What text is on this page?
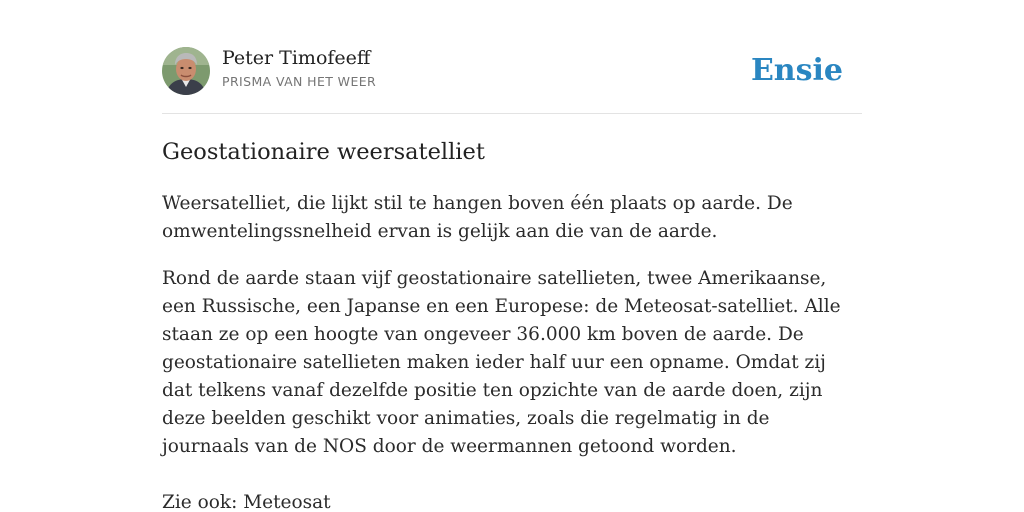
Peter Timofeeff
PRISMA VAN HET WEER	Ensie
Geostationaire weersatelliet

Weersatelliet, die lijkt stil te hangen boven één plaats op aarde. De omwentelingssnelheid ervan is gelijk aan die van de aarde.

Rond de aarde staan vijf geostationaire satellieten, twee Amerikaanse, een Russische, een Japanse en een Europese: de Meteosat-satelliet. Alle staan ze op een hoogte van ongeveer 36.000 km boven de aarde. De geostationaire satellieten maken ieder half uur een opname. Omdat zij dat telkens vanaf dezelfde positie ten opzichte van de aarde doen, zijn deze beelden geschikt voor animaties, zoals die regelmatig in de journaals van de NOS door de weermannen getoond worden.

Zie ook: Meteosat
